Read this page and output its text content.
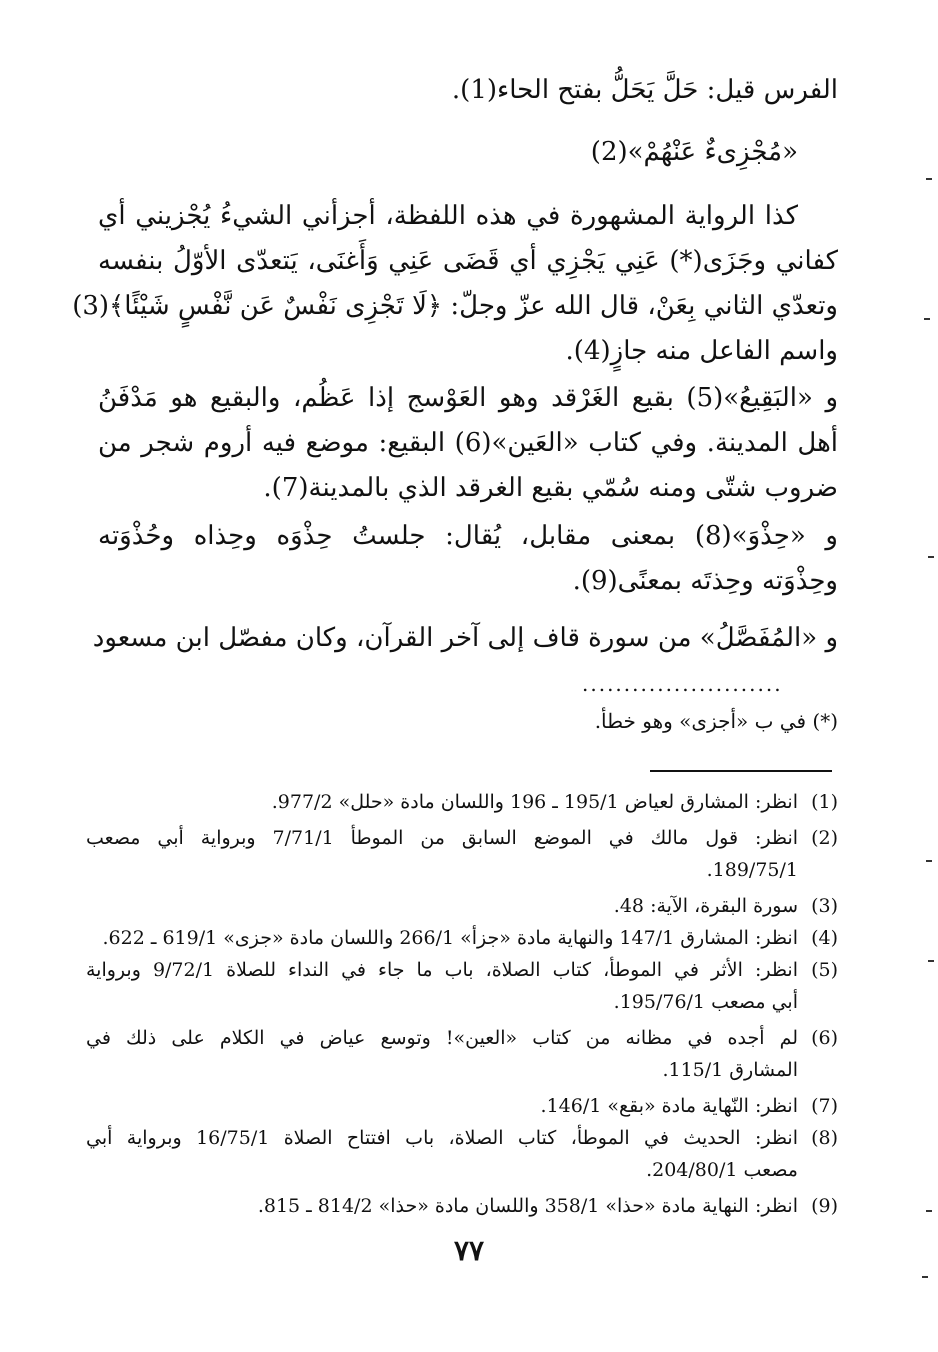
الفرس قيل: حَلَّ يَحَلُّ بفتح الحاء(1).
«مُجْزِىءٌ عَنْهُمْ»(2)
كذا الرواية المشهورة في هذه اللفظة، أجزأني الشيءُ يُجْزيني أي
كفاني وجَزَى(*) عَنِي يَجْزِي أي قَضَى عَنِي وَأَغنَى، يَتعدّى الأوّلُ بنفسه
وتعدّي الثاني بِعَنْ، قال الله عزّ وجلّ: ﴿لَا تَجْزِى نَفْسٌ عَن نَّفْسٍ شَيْئًا﴾(3)
واسم الفاعل منه جازٍ(4).
و «البَقِيعُ»(5) بقيع الغَرْقد وهو العَوْسج إذا عَظُم، والبقيع هو مَدْفَنُ
أهل المدينة. وفي كتاب «العَين»(6) البقيع: موضع فيه أروم شجر من
ضروب شتّى ومنه سُمّي بقيع الغرقد الذي بالمدينة(7).
و «حِذْوَ»(8) بمعنى مقابل، يُقال: جلستُ حِذْوَه وحِذاه وحُذْوَته
وحِذْوَته وحِذتَه بمعنًى(9).
و «المُفَصَّلُ» من سورة قاف إلى آخر القرآن، وكان مفصّل ابن مسعود
........................
(*) في ب «أجزى» وهو خطأ.
(1)
انظر: المشارق لعياض 195/1 ـ 196 واللسان مادة «حلل» 977/2.
(2)
انظر: قول مالك في الموضع السابق من الموطأ 7/71/1 وبرواية أبي مصعب
189/75/1.
(3)
سورة البقرة، الآية: 48.
(4)
انظر: المشارق 147/1 والنهاية مادة «جزأ» 266/1 واللسان مادة «جزى» 619/1 ـ 622.
(5)
انظر: الأثر في الموطأ، كتاب الصلاة، باب ما جاء في النداء للصلاة 9/72/1 وبرواية
أبي مصعب 195/76/1.
(6)
لم أجده في مظانه من كتاب «العين»! وتوسع عياض في الكلام على ذلك في
المشارق 115/1.
(7)
انظر: النّهاية مادة «بقع» 146/1.
(8)
انظر: الحديث في الموطأ، كتاب الصلاة، باب افتتاح الصلاة 16/75/1 وبرواية أبي
مصعب 204/80/1.
(9)
انظر: النهاية مادة «حذا» 358/1 واللسان مادة «حذا» 814/2 ـ 815.
٧٧
